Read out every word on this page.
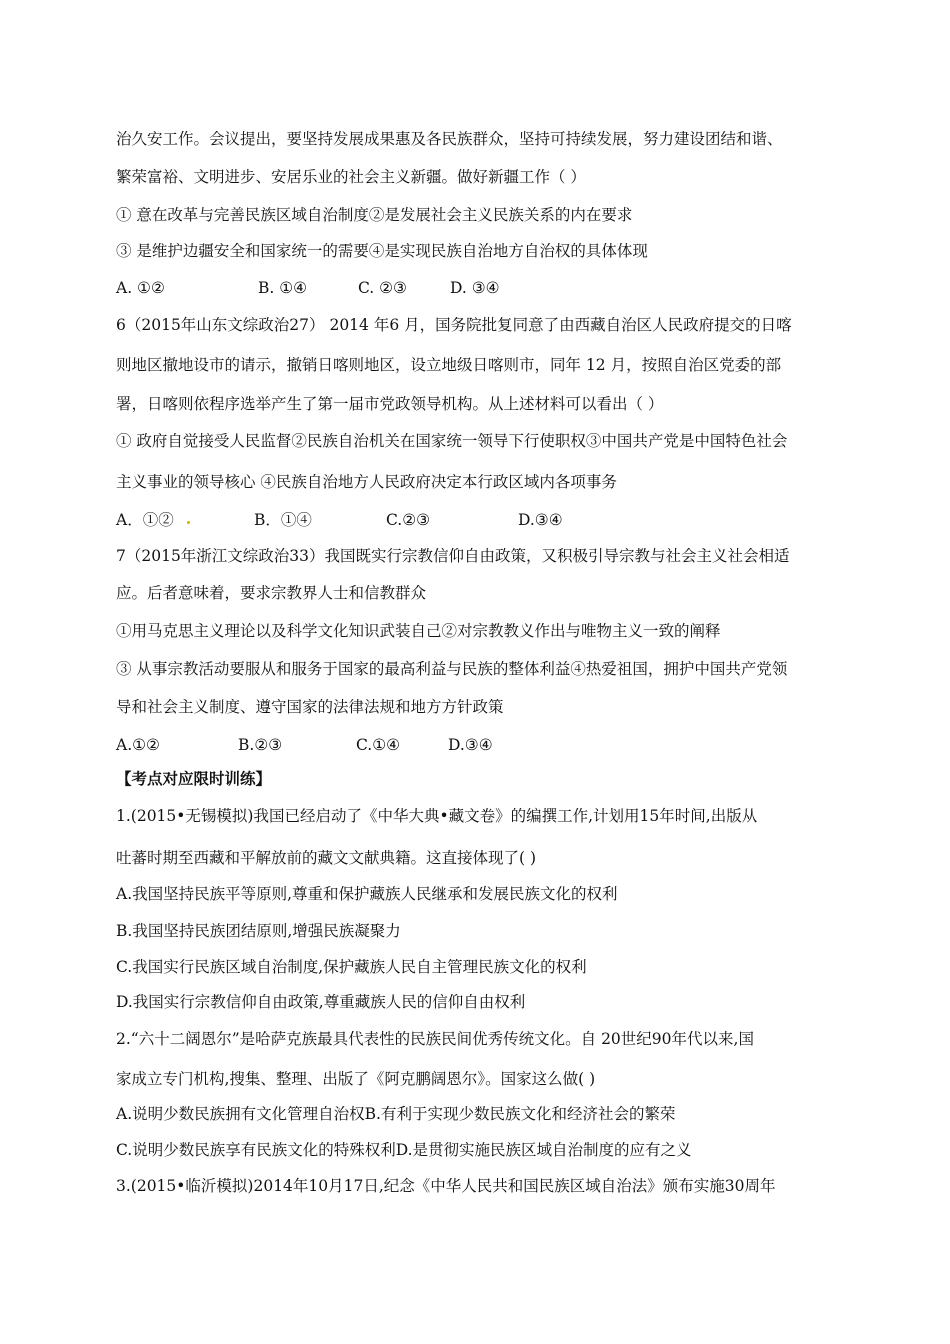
治久安工作。会议提出，要坚持发展成果惠及各民族群众，坚持可持续发展，努力建设团结和谐、

繁荣富裕、文明进步、安居乐业的社会主义新疆。做好新疆工作（ ）

① 意在改革与完善民族区域自治制度②是发展社会主义民族关系的内在要求

③ 是维护边疆安全和国家统一的需要④是实现民族自治地方自治权的具体体现

A. ①②	B. ①④	C. ②③	D. ③④

6（2015年山东文综政治27） 2014 年6 月，国务院批复同意了由西藏自治区人民政府提交的日喀

则地区撤地设市的请示，撤销日喀则地区，设立地级日喀则市，同年 12 月，按照自治区党委的部

署，日喀则依程序选举产生了第一届市党政领导机构。从上述材料可以看出（ ）

① 政府自觉接受人民监督②民族自治机关在国家统一领导下行使职权③中国共产党是中国特色社会

主义事业的领导核心 ④民族自治地方人民政府决定本行政区域内各项事务

A．①②	B．①④	C.②③	D.③④

7（2015年浙江文综政治33）我国既实行宗教信仰自由政策，又积极引导宗教与社会主义社会相适

应。后者意味着，要求宗教界人士和信教群众

①用马克思主义理论以及科学文化知识武装自己②对宗教教义作出与唯物主义一致的阐释

③ 从事宗教活动要服从和服务于国家的最高利益与民族的整体利益④热爱祖国，拥护中国共产党领

导和社会主义制度、遵守国家的法律法规和地方方针政策

A.①②	B.②③	C.①④	D.③④

【考点对应限时训练】

1.(2015•无锡模拟)我国已经启动了《中华大典•藏文卷》的编撰工作,计划用15年时间,出版从

吐蕃时期至西藏和平解放前的藏文文献典籍。这直接体现了( )

A.我国坚持民族平等原则,尊重和保护藏族人民继承和发展民族文化的权利

B.我国坚持民族团结原则,增强民族凝聚力

C.我国实行民族区域自治制度,保护藏族人民自主管理民族文化的权利

D.我国实行宗教信仰自由政策,尊重藏族人民的信仰自由权利

2.“六十二阔恩尔”是哈萨克族最具代表性的民族民间优秀传统文化。自 20世纪90年代以来,国

家成立专门机构,搜集、整理、出版了《阿克鹏阔恩尔》。国家这么做( )

A.说明少数民族拥有文化管理自治权B.有利于实现少数民族文化和经济社会的繁荣

C.说明少数民族享有民族文化的特殊权利D.是贯彻实施民族区域自治制度的应有之义

3.(2015•临沂模拟)2014年10月17日,纪念《中华人民共和国民族区域自治法》颁布实施30周年
